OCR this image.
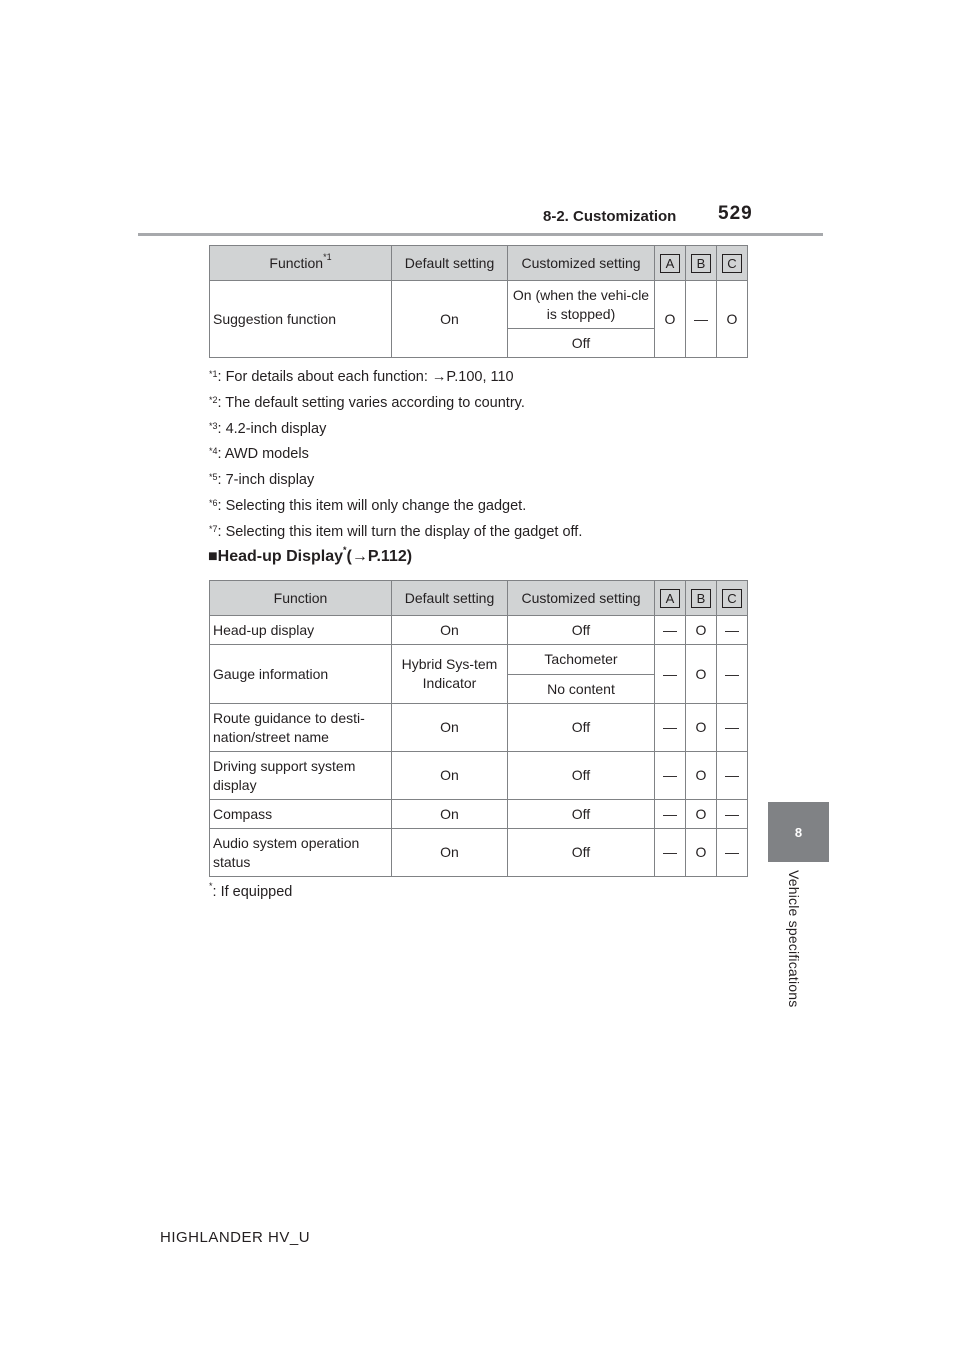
8-2. Customization 529
8
Vehicle specifications
Function$^{*1}$	Default setting	Customized setting	A	B	C
Suggestion function	On	On (when the vehi-cle is stopped)	O	—	O
		Off			
$^{*1}$: For details about each function: →P.100, 110
$^{*2}$: The default setting varies according to country.
$^{*3}$: 4.2-inch display
$^{*4}$: AWD models
$^{*5}$: 7-inch display
$^{*6}$: Selecting this item will only change the gadget.
$^{*7}$: Selecting this item will turn the display of the gadget off.
■Head-up Display*(→P.112)
Function	Default setting	Customized setting	A	B	C
Head-up display	On	Off	—	O	—
Gauge information	Hybrid Sys-tem Indicator	Tachometer	—	O	—
		No content			
Route guidance to desti-nation/street name	On	Off	—	O	—
Driving support system display	On	Off	—	O	—
Compass	On	Off	—	O	—
Audio system operation status	On	Off	—	O	—
*: If equipped
HIGHLANDER HV_U
